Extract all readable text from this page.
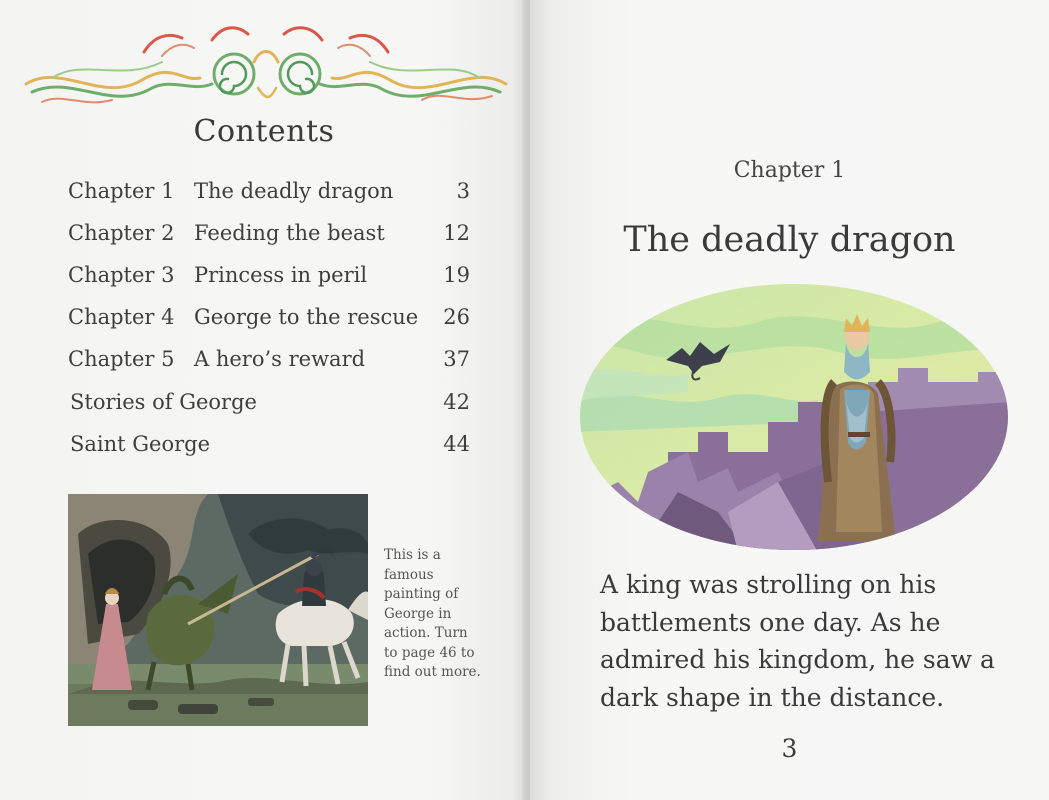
Contents
Chapter 1 The deadly dragon	3
Chapter 2 Feeding the beast	12
Chapter 3 Princess in peril	19
Chapter 4 George to the rescue 26
Chapter 5 A hero’s reward	37
Stories of George	42
Saint George	44
This is a famous painting of George in action. Turn to page 46 to find out more.
Chapter 1
The deadly dragon
A king was strolling on his battlements one day. As he admired his kingdom, he saw a dark shape in the distance.
3
